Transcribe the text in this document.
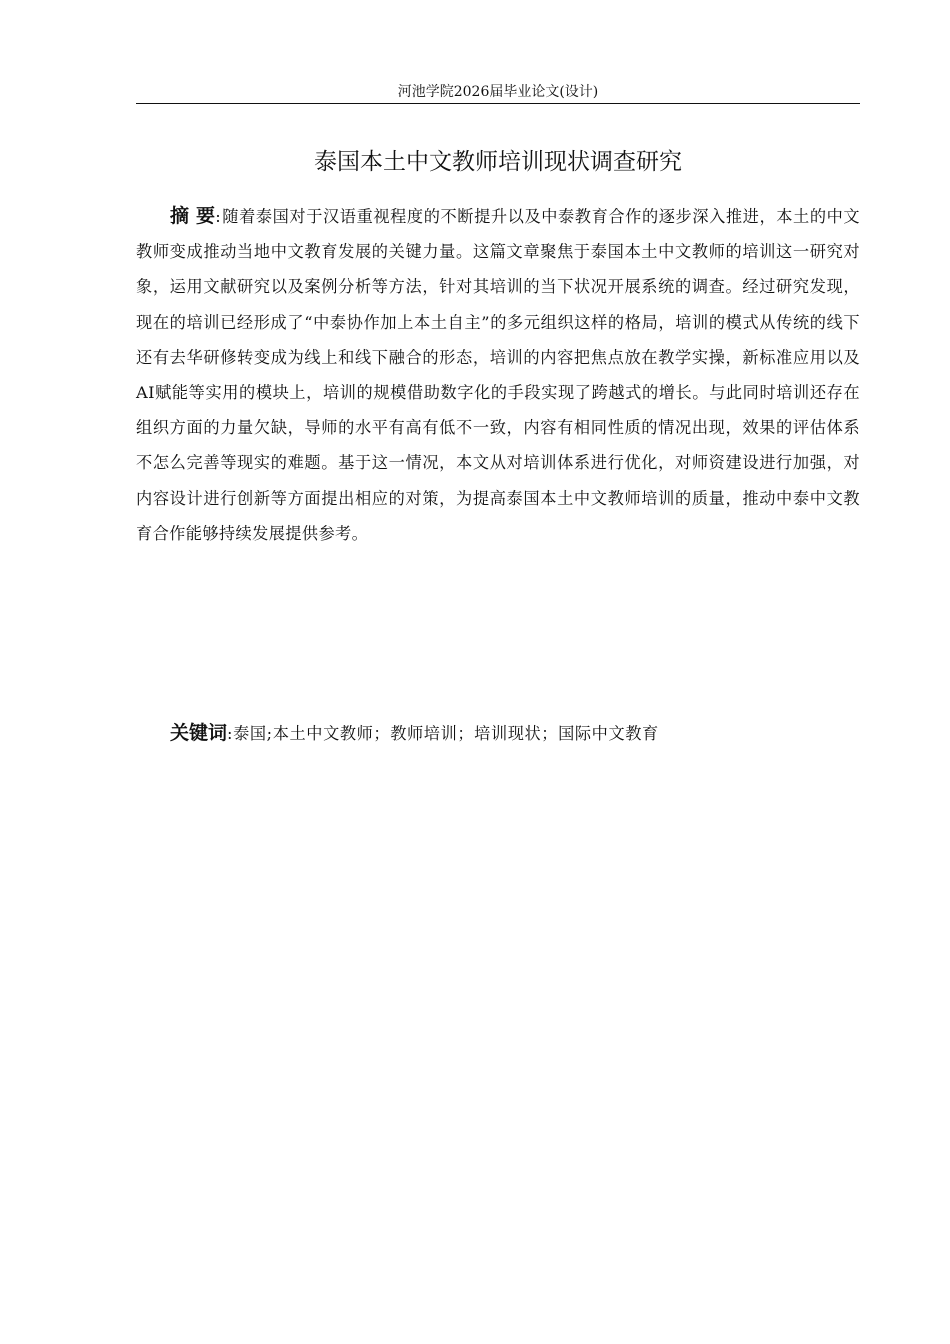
河池学院2026届毕业论文(设计)
泰国本土中文教师培训现状调查研究

摘 要:随着泰国对于汉语重视程度的不断提升以及中泰教育合作的逐步深入推进，本土的中文教师变成推动当地中文教育发展的关键力量。这篇文章聚焦于泰国本土中文教师的培训这一研究对象，运用文献研究以及案例分析等方法，针对其培训的当下状况开展系统的调查。经过研究发现，现在的培训已经形成了“中泰协作加上本土自主”的多元组织这样的格局，培训的模式从传统的线下还有去华研修转变成为线上和线下融合的形态，培训的内容把焦点放在教学实操，新标准应用以及AI赋能等实用的模块上，培训的规模借助数字化的手段实现了跨越式的增长。与此同时培训还存在组织方面的力量欠缺，导师的水平有高有低不一致，内容有相同性质的情况出现，效果的评估体系不怎么完善等现实的难题。基于这一情况，本文从对培训体系进行优化，对师资建设进行加强，对内容设计进行创新等方面提出相应的对策，为提高泰国本土中文教师培训的质量，推动中泰中文教育合作能够持续发展提供参考。

关键词:泰国;本土中文教师；教师培训；培训现状；国际中文教育
